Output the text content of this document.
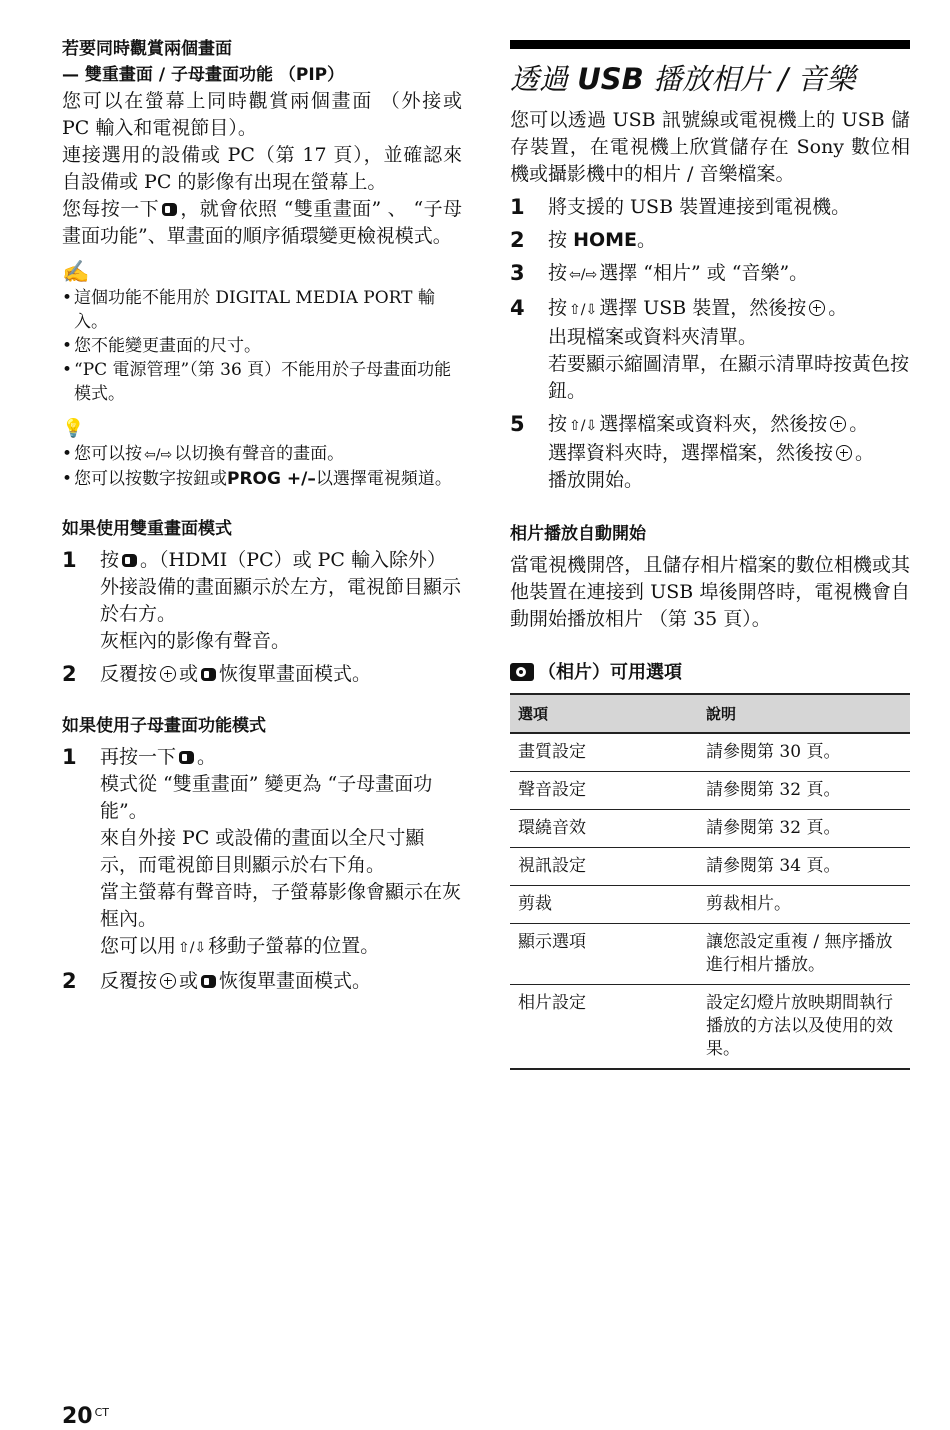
若要同時觀賞兩個畫面
— 雙重畫面 / 子母畫面功能 （PIP）

您可以在螢幕上同時觀賞兩個畫面 （外接或 PC 輸入和電視節目）。

連接選用的設備或 PC（第 17 頁），並確認來自設備或 PC 的影像有出現在螢幕上。

您每按一下 ，就會依照 “雙重畫面” 、 “子母畫面功能”、單畫面的順序循環變更檢視模式。

✍
• 這個功能不能用於 DIGITAL MEDIA PORT 輸入。
• 您不能變更畫面的尺寸。
• “PC 電源管理”（第 36 頁）不能用於子母畫面功能模式。
💡
• 您可以按 ⇦/⇨ 以切換有聲音的畫面。
• 您可以按數字按鈕或PROG +/–以選擇電視頻道。
如果使用雙重畫面模式
1 按 。（HDMI（PC）或 PC 輸入除外）

外接設備的畫面顯示於左方，電視節目顯示於右方。

灰框內的影像有聲音。

2 反覆按 或 恢復單畫面模式。

如果使用子母畫面功能模式
1 再按一下 。

模式從 “雙重畫面” 變更為 “子母畫面功能”。

來自外接 PC 或設備的畫面以全尺寸顯示，而電視節目則顯示於右下角。

當主螢幕有聲音時，子螢幕影像會顯示在灰框內。

您可以用 ⇧/⇩ 移動子螢幕的位置。

2 反覆按 或 恢復單畫面模式。

透過 USB 播放相片 / 音樂
您可以透過 USB 訊號線或電視機上的 USB 儲存裝置，在電視機上欣賞儲存在 Sony 數位相機或攝影機中的相片 / 音樂檔案。
1 將支援的 USB 裝置連接到電視機。

2 按 HOME。

3 按 ⇦/⇨ 選擇 “相片” 或 “音樂”。

4 按 ⇧/⇩ 選擇 USB 裝置，然後按 。

出現檔案或資料夾清單。

若要顯示縮圖清單，在顯示清單時按黃色按鈕。

5 按 ⇧/⇩ 選擇檔案或資料夾，然後按 。

選擇資料夾時，選擇檔案，然後按 。

播放開始。

相片播放自動開始
當電視機開啓，且儲存相片檔案的數位相機或其他裝置在連接到 USB 埠後開啓時，電視機會自動開始播放相片 （第 35 頁）。
（相片）可用選項
選項	說明
畫質設定	請參閱第 30 頁。
聲音設定	請參閱第 32 頁。
環繞音效	請參閱第 32 頁。
視訊設定	請參閱第 34 頁。
剪裁	剪裁相片。
顯示選項	讓您設定重複 / 無序播放進行相片播放。
相片設定	設定幻燈片放映期間執行播放的方法以及使用的效果。
20 $^{CT}$
